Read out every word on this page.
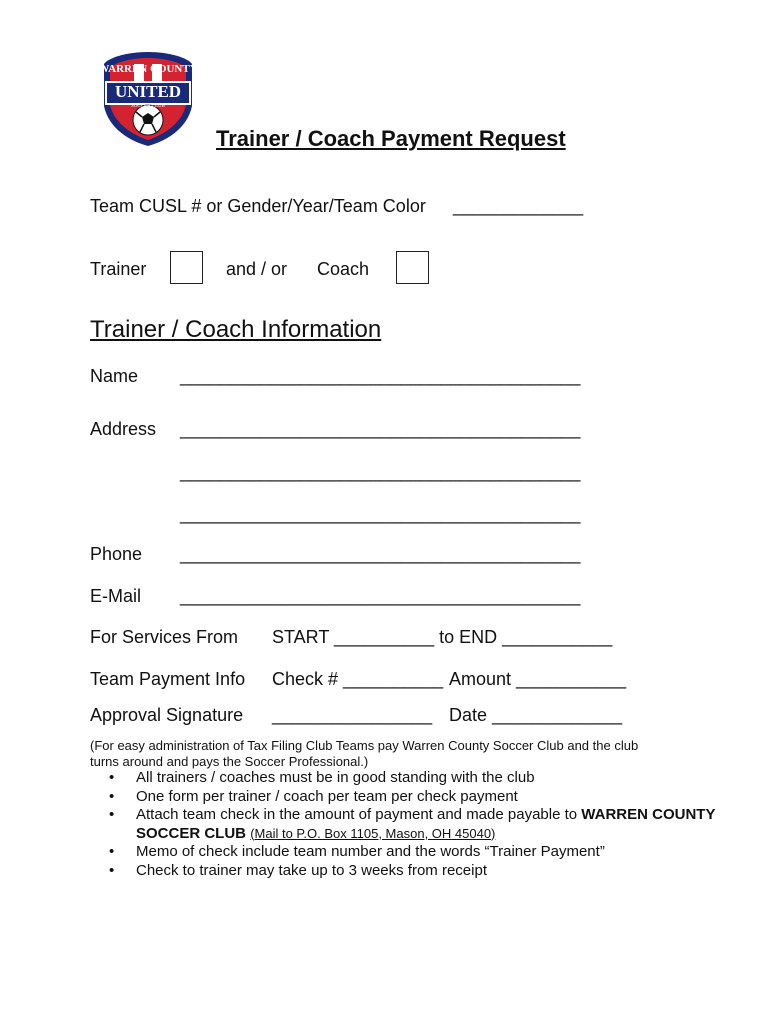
WARREN COUNTY
UNITED
SOCCER CLUB
Trainer / Coach Payment Request
Team CUSL # or Gender/Year/Team Color _____________
Trainer	and / or Coach
Trainer / Coach Information
Name ________________________________________
Address ________________________________________
________________________________________
________________________________________
Phone ________________________________________
E-Mail ________________________________________
For Services From START __________ to END ___________
Team Payment Info Check # __________ Amount ___________
Approval Signature ________________ Date _____________
(For easy administration of Tax Filing Club Teams pay Warren County Soccer Club and the club turns around and pays the Soccer Professional.)
• All trainers / coaches must be in good standing with the club
• One form per trainer / coach per team per check payment
• Attach team check in the amount of payment and made payable to WARREN COUNTY SOCCER CLUB (Mail to P.O. Box 1105, Mason, OH 45040)
• Memo of check include team number and the words “Trainer Payment”
• Check to trainer may take up to 3 weeks from receipt
